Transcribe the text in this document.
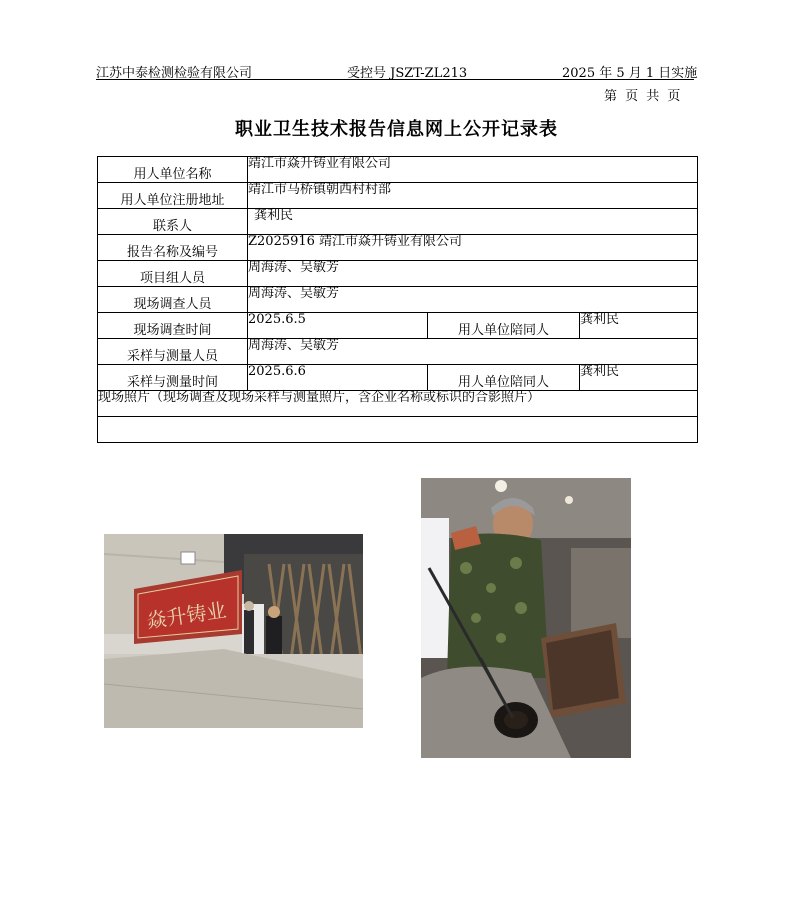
江苏中泰检测检验有限公司	受控号 JSZT-ZL213	2025 年 5 月 1 日实施
第 页 共 页
职业卫生技术报告信息网上公开记录表
用人单位名称	靖江市焱升铸业有限公司		
用人单位注册地址	靖江市马桥镇朝西村村部		
联系人	龚利民		
报告名称及编号	Z2025916 靖江市焱升铸业有限公司		
项目组人员	周海涛、吴敏芳		
现场调查人员	周海涛、吴敏芳		
现场调查时间	2025.6.5	用人单位陪同人	龚利民
采样与测量人员	周海涛、吴敏芳		
采样与测量时间	2025.6.6	用人单位陪同人	龚利民
现场照片（现场调查及现场采样与测量照片，含企业名称或标识的合影照片）			

焱升铸业			
